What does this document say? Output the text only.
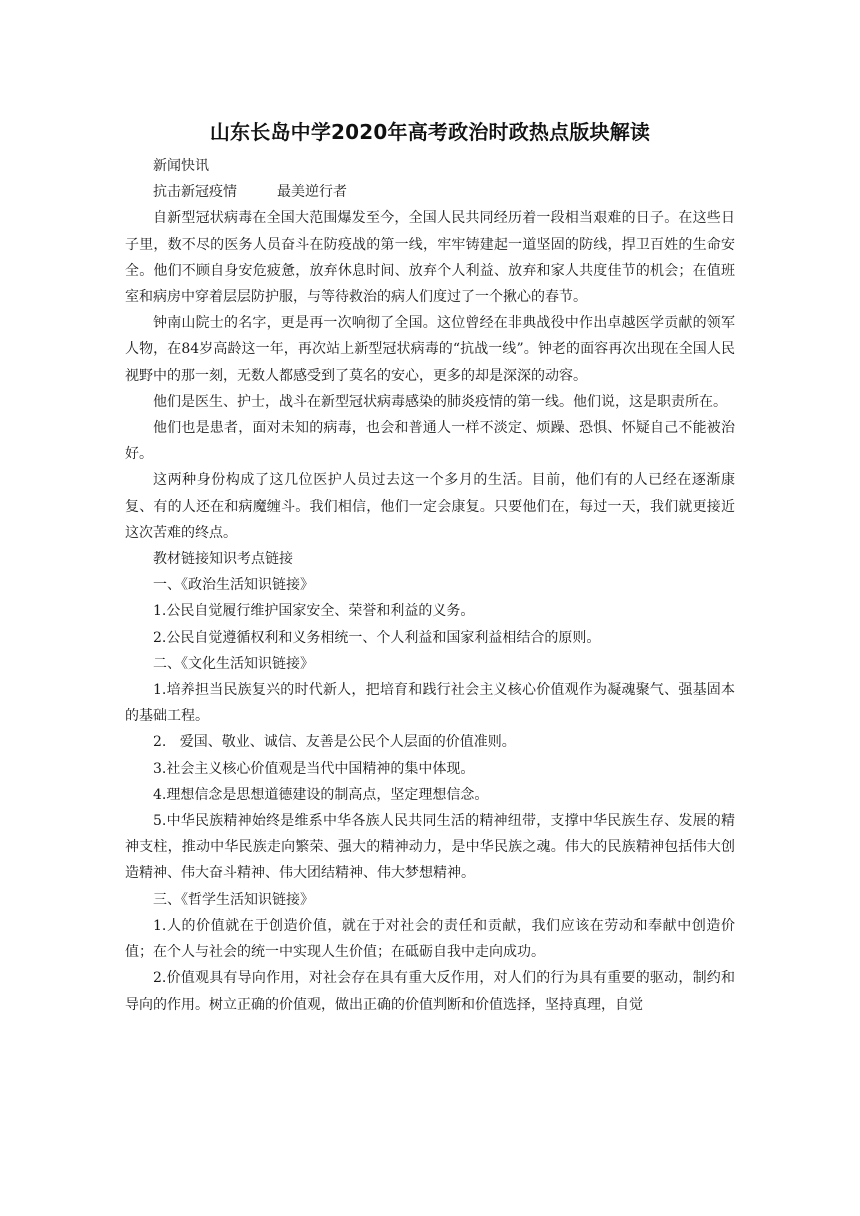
山东长岛中学2020年高考政治时政热点版块解读

新闻快讯

抗击新冠疫情	最美逆行者

自新型冠状病毒在全国大范围爆发至今，全国人民共同经历着一段相当艰难的日子。在这些日子里，数不尽的医务人员奋斗在防疫战的第一线，牢牢铸建起一道坚固的防线，捍卫百姓的生命安全。他们不顾自身安危疲惫，放弃休息时间、放弃个人利益、放弃和家人共度佳节的机会；在值班室和病房中穿着层层防护服，与等待救治的病人们度过了一个揪心的春节。

钟南山院士的名字，更是再一次响彻了全国。这位曾经在非典战役中作出卓越医学贡献的领军人物，在84岁高龄这一年，再次站上新型冠状病毒的“抗战一线”。钟老的面容再次出现在全国人民视野中的那一刻，无数人都感受到了莫名的安心，更多的却是深深的动容。

他们是医生、护士，战斗在新型冠状病毒感染的肺炎疫情的第一线。他们说，这是职责所在。

他们也是患者，面对未知的病毒，也会和普通人一样不淡定、烦躁、恐惧、怀疑自己不能被治好。

这两种身份构成了这几位医护人员过去这一个多月的生活。目前，他们有的人已经在逐渐康复、有的人还在和病魔缠斗。我们相信，他们一定会康复。只要他们在，每过一天，我们就更接近这次苦难的终点。

教材链接知识考点链接

一、《政治生活知识链接》

1.公民自觉履行维护国家安全、荣誉和利益的义务。

2.公民自觉遵循权利和义务相统一、个人利益和国家利益相结合的原则。

二、《文化生活知识链接》

1.培养担当民族复兴的时代新人，把培育和践行社会主义核心价值观作为凝魂聚气、强基固本的基础工程。

2.   爱国、敬业、诚信、友善是公民个人层面的价值准则。

3.社会主义核心价值观是当代中国精神的集中体现。

4.理想信念是思想道德建设的制高点，坚定理想信念。

5.中华民族精神始终是维系中华各族人民共同生活的精神纽带，支撑中华民族生存、发展的精神支柱，推动中华民族走向繁荣、强大的精神动力，是中华民族之魂。伟大的民族精神包括伟大创造精神、伟大奋斗精神、伟大团结精神、伟大梦想精神。

三、《哲学生活知识链接》

1.人的价值就在于创造价值，就在于对社会的责任和贡献，我们应该在劳动和奉献中创造价值；在个人与社会的统一中实现人生价值；在砥砺自我中走向成功。

2.价值观具有导向作用，对社会存在具有重大反作用，对人们的行为具有重要的驱动，制约和导向的作用。树立正确的价值观，做出正确的价值判断和价值选择，坚持真理，自觉
